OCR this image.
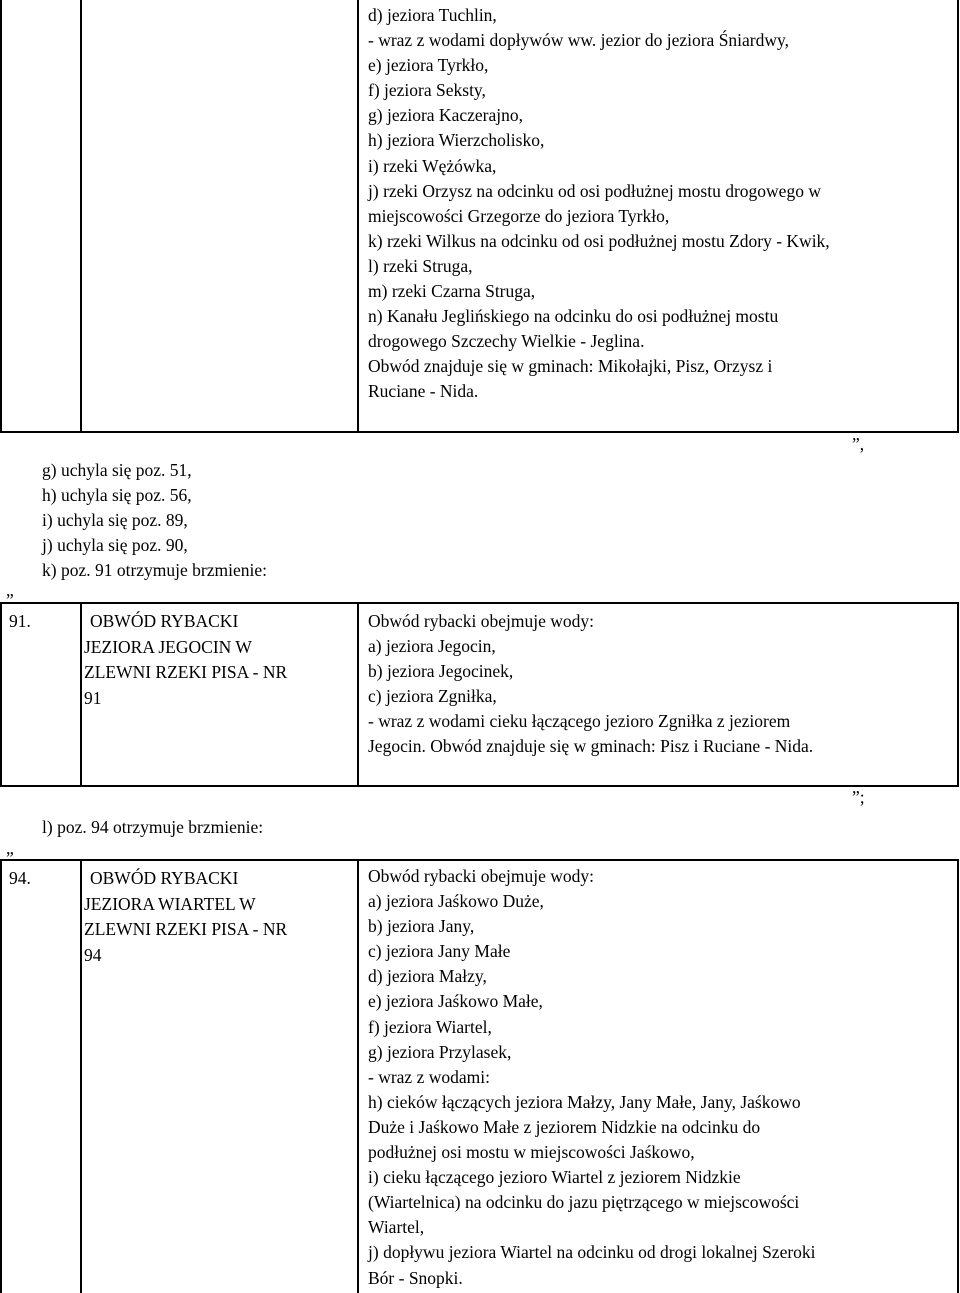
d) jeziora Tuchlin,
- wraz z wodami dopływów ww. jezior do jeziora Śniardwy,
e) jeziora Tyrkło,
f) jeziora Seksty,
g) jeziora Kaczerajno,
h) jeziora Wierzcholisko,
i) rzeki Wężówka,
j) rzeki Orzysz na odcinku od osi podłużnej mostu drogowego w
miejscowości Grzegorze do jeziora Tyrkło,
k) rzeki Wilkus na odcinku od osi podłużnej mostu Zdory - Kwik,
l) rzeki Struga,
m) rzeki Czarna Struga,
n) Kanału Jeglińskiego na odcinku do osi podłużnej mostu
drogowego Szczechy Wielkie - Jeglina.
Obwód znajduje się w gminach: Mikołajki, Pisz, Orzysz i
Ruciane - Nida.
”,
g) uchyla się poz. 51,
h) uchyla się poz. 56,
i) uchyla się poz. 89,
j) uchyla się poz. 90,
k) poz. 91 otrzymuje brzmienie:
„
91.	OBWÓD RYBACKI
JEZIORA JEGOCIN W
ZLEWNI RZEKI PISA - NR
91
Obwód rybacki obejmuje wody:
a) jeziora Jegocin,
b) jeziora Jegocinek,
c) jeziora Zgniłka,
- wraz z wodami cieku łączącego jezioro Zgniłka z jeziorem
Jegocin. Obwód znajduje się w gminach: Pisz i Ruciane - Nida.
”;
l) poz. 94 otrzymuje brzmienie:
„
94.	OBWÓD RYBACKI
JEZIORA WIARTEL W
ZLEWNI RZEKI PISA - NR
94
Obwód rybacki obejmuje wody:
a) jeziora Jaśkowo Duże,
b) jeziora Jany,
c) jeziora Jany Małe
d) jeziora Małzy,
e) jeziora Jaśkowo Małe,
f) jeziora Wiartel,
g) jeziora Przylasek,
- wraz z wodami:
h) cieków łączących jeziora Małzy, Jany Małe, Jany, Jaśkowo
Duże i Jaśkowo Małe z jeziorem Nidzkie na odcinku do
podłużnej osi mostu w miejscowości Jaśkowo,
i) cieku łączącego jezioro Wiartel z jeziorem Nidzkie
(Wiartelnica) na odcinku do jazu piętrzącego w miejscowości
Wiartel,
j) dopływu jeziora Wiartel na odcinku od drogi lokalnej Szeroki
Bór - Snopki.
